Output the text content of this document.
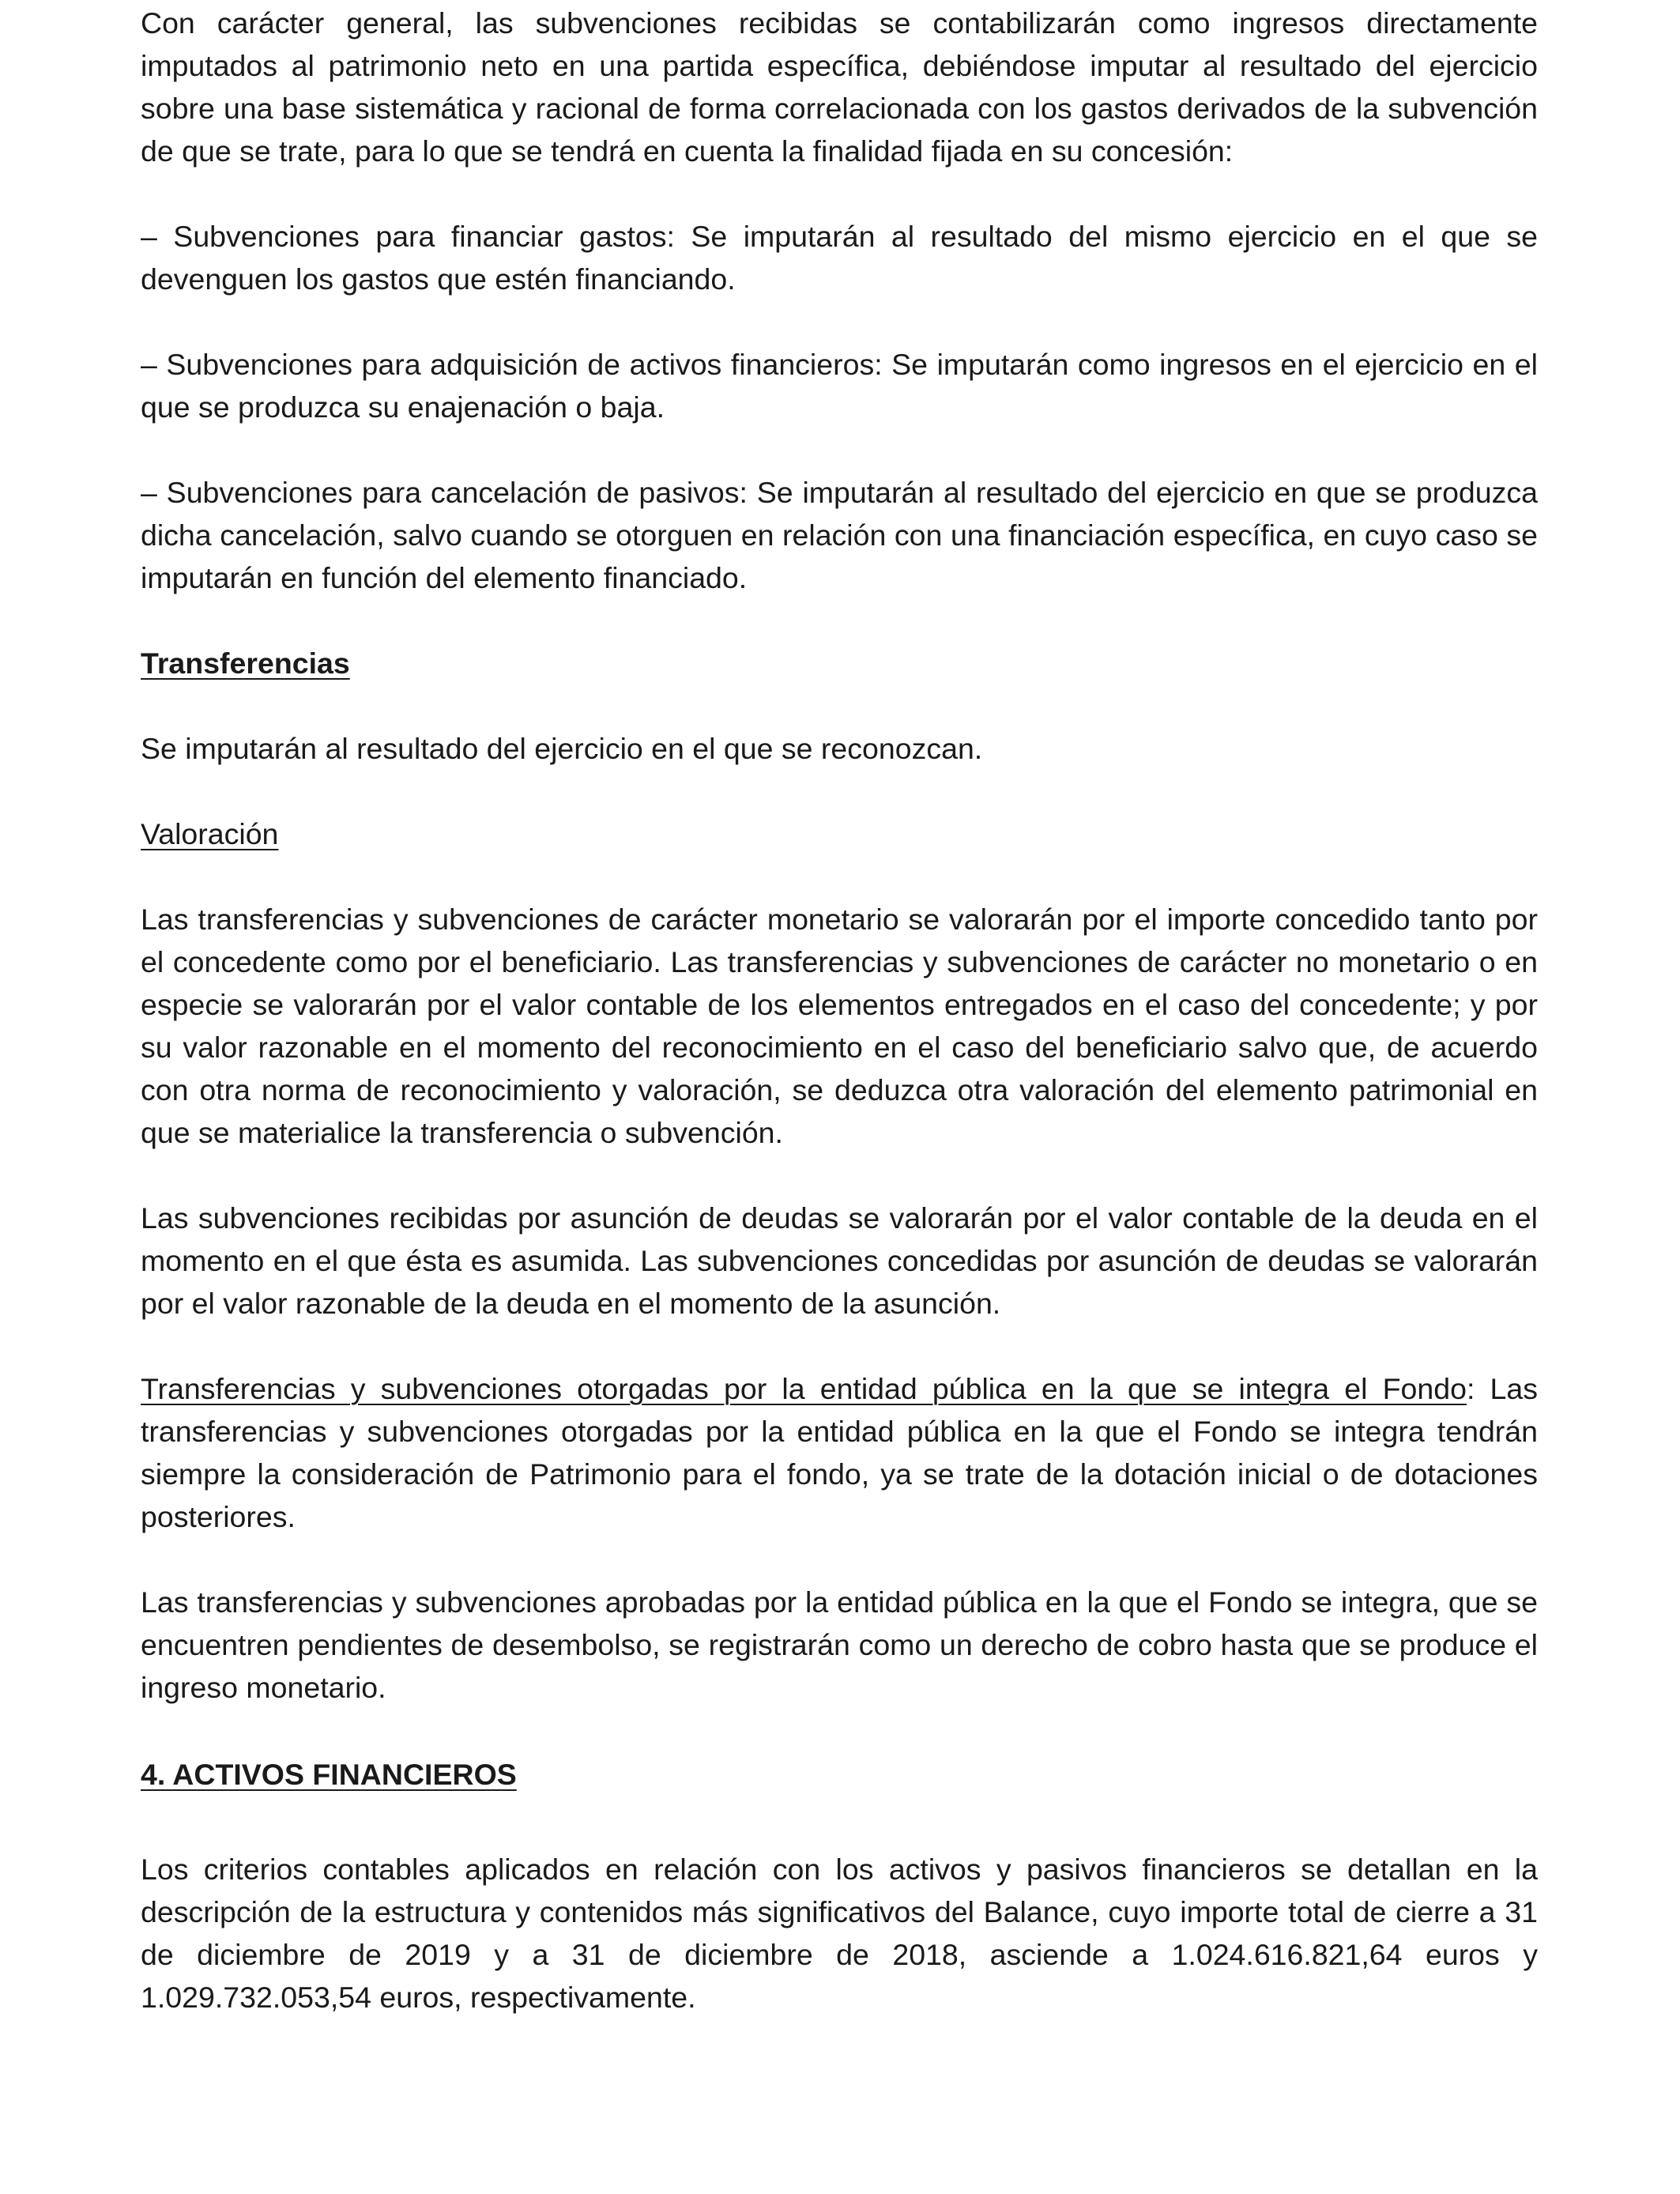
Con carácter general, las subvenciones recibidas se contabilizarán como ingresos directamente imputados al patrimonio neto en una partida específica, debiéndose imputar al resultado del ejercicio sobre una base sistemática y racional de forma correlacionada con los gastos derivados de la subvención de que se trate, para lo que se tendrá en cuenta la finalidad fijada en su concesión:

– Subvenciones para financiar gastos: Se imputarán al resultado del mismo ejercicio en el que se devenguen los gastos que estén financiando.

– Subvenciones para adquisición de activos financieros: Se imputarán como ingresos en el ejercicio en el que se produzca su enajenación o baja.

– Subvenciones para cancelación de pasivos: Se imputarán al resultado del ejercicio en que se produzca dicha cancelación, salvo cuando se otorguen en relación con una financiación específica, en cuyo caso se imputarán en función del elemento financiado.

Transferencias

Se imputarán al resultado del ejercicio en el que se reconozcan.

Valoración

Las transferencias y subvenciones de carácter monetario se valorarán por el importe concedido tanto por el concedente como por el beneficiario. Las transferencias y subvenciones de carácter no monetario o en especie se valorarán por el valor contable de los elementos entregados en el caso del concedente; y por su valor razonable en el momento del reconocimiento en el caso del beneficiario salvo que, de acuerdo con otra norma de reconocimiento y valoración, se deduzca otra valoración del elemento patrimonial en que se materialice la transferencia o subvención.

Las subvenciones recibidas por asunción de deudas se valorarán por el valor contable de la deuda en el momento en el que ésta es asumida. Las subvenciones concedidas por asunción de deudas se valorarán por el valor razonable de la deuda en el momento de la asunción.

Transferencias y subvenciones otorgadas por la entidad pública en la que se integra el Fondo: Las transferencias y subvenciones otorgadas por la entidad pública en la que el Fondo se integra tendrán siempre la consideración de Patrimonio para el fondo, ya se trate de la dotación inicial o de dotaciones posteriores.

Las transferencias y subvenciones aprobadas por la entidad pública en la que el Fondo se integra, que se encuentren pendientes de desembolso, se registrarán como un derecho de cobro hasta que se produce el ingreso monetario.

4. ACTIVOS FINANCIEROS

Los criterios contables aplicados en relación con los activos y pasivos financieros se detallan en la descripción de la estructura y contenidos más significativos del Balance, cuyo importe total de cierre a 31 de diciembre de 2019 y a 31 de diciembre de 2018, asciende a 1.024.616.821,64 euros y 1.029.732.053,54 euros, respectivamente.
